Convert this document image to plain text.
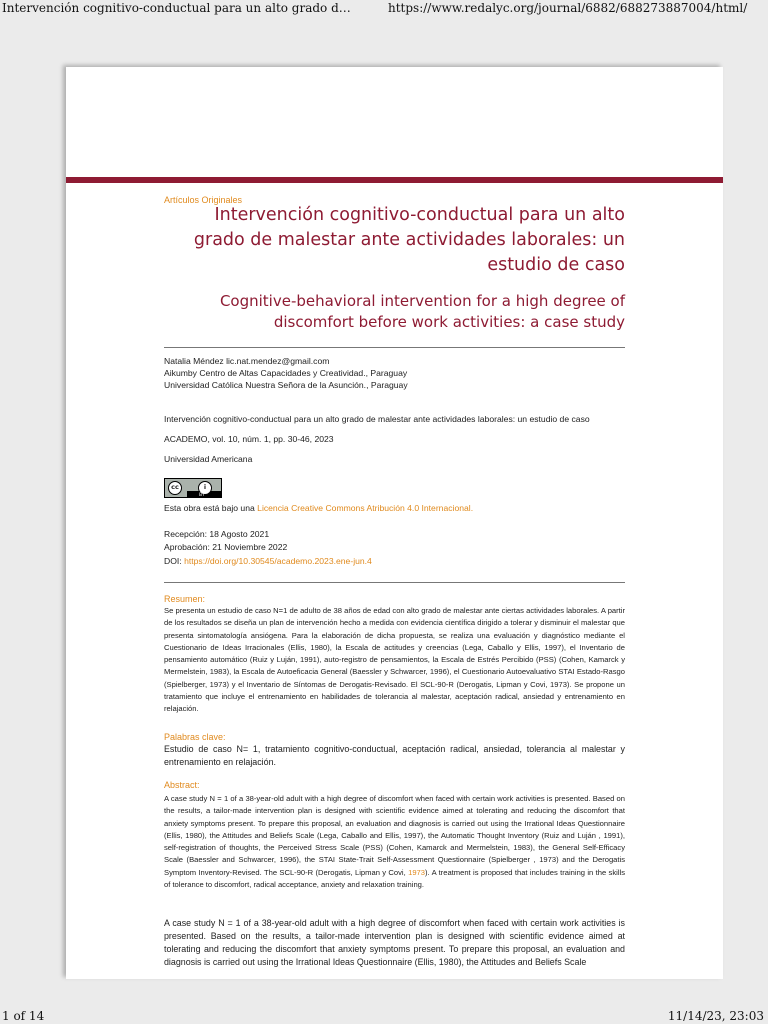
Intervención cognitivo-conductual para un alto grado d…	https://www.redalyc.org/journal/6882/688273887004/html/
Artículos Originales
Intervención cognitivo-conductual para un alto grado de malestar ante actividades laborales: un estudio de caso
Cognitive-behavioral intervention for a high degree of discomfort before work activities: a case study
Natalia Méndez lic.nat.mendez@gmail.com
Aikumby Centro de Altas Capacidades y Creatividad., Paraguay
Universidad Católica Nuestra Señora de la Asunción., Paraguay
Intervención cognitivo-conductual para un alto grado de malestar ante actividades laborales: un estudio de caso
ACADEMO, vol. 10, núm. 1, pp. 30-46, 2023
Universidad Americana
cc	i
BY
Esta obra está bajo una Licencia Creative Commons Atribución 4.0 Internacional.
Recepción: 18 Agosto 2021
Aprobación: 21 Noviembre 2022
DOI: https://doi.org/10.30545/academo.2023.ene-jun.4
Resumen:
Se presenta un estudio de caso N=1 de adulto de 38 años de edad con alto grado de malestar ante ciertas actividades laborales. A partir de los resultados se diseña un plan de intervención hecho a medida con evidencia científica dirigido a tolerar y disminuir el malestar que presenta sintomatología ansiógena. Para la elaboración de dicha propuesta, se realiza una evaluación y diagnóstico mediante el Cuestionario de Ideas Irracionales (Ellis, 1980), la Escala de actitudes y creencias (Lega, Caballo y Ellis, 1997), el Inventario de pensamiento automático (Ruiz y Luján, 1991), auto-registro de pensamientos, la Escala de Estrés Percibido (PSS) (Cohen, Kamarck y Mermelstein, 1983), la Escala de Autoeficacia General (Baessler y Schwarcer, 1996), el Cuestionario Autoevaluativo STAI Estado-Rasgo (Spielberger, 1973) y el Inventario de Síntomas de Derogatis-Revisado. El SCL-90-R (Derogatis, Lipman y Covi, 1973). Se propone un tratamiento que incluye el entrenamiento en habilidades de tolerancia al malestar, aceptación radical, ansiedad y entrenamiento en relajación.
Palabras clave:
Estudio de caso N= 1, tratamiento cognitivo-conductual, aceptación radical, ansiedad, tolerancia al malestar y entrenamiento en relajación.
Abstract:
A case study N = 1 of a 38-year-old adult with a high degree of discomfort when faced with certain work activities is presented. Based on the results, a tailor-made intervention plan is designed with scientific evidence aimed at tolerating and reducing the discomfort that anxiety symptoms present. To prepare this proposal, an evaluation and diagnosis is carried out using the Irrational Ideas Questionnaire (Ellis, 1980), the Attitudes and Beliefs Scale (Lega, Caballo and Ellis, 1997), the Automatic Thought Inventory (Ruiz and Luján , 1991), self-registration of thoughts, the Perceived Stress Scale (PSS) (Cohen, Kamarck and Mermelstein, 1983), the General Self-Efficacy Scale (Baessler and Schwarcer, 1996), the STAI State-Trait Self-Assessment Questionnaire (Spielberger , 1973) and the Derogatis Symptom Inventory-Revised. The SCL-90-R (Derogatis, Lipman y Covi, 1973). A treatment is proposed that includes training in the skills of tolerance to discomfort, radical acceptance, anxiety and relaxation training.
A case study N = 1 of a 38-year-old adult with a high degree of discomfort when faced with certain work activities is presented. Based on the results, a tailor-made intervention plan is designed with scientific evidence aimed at tolerating and reducing the discomfort that anxiety symptoms present. To prepare this proposal, an evaluation and diagnosis is carried out using the Irrational Ideas Questionnaire (Ellis, 1980), the Attitudes and Beliefs Scale
1 of 14	11/14/23, 23:03
